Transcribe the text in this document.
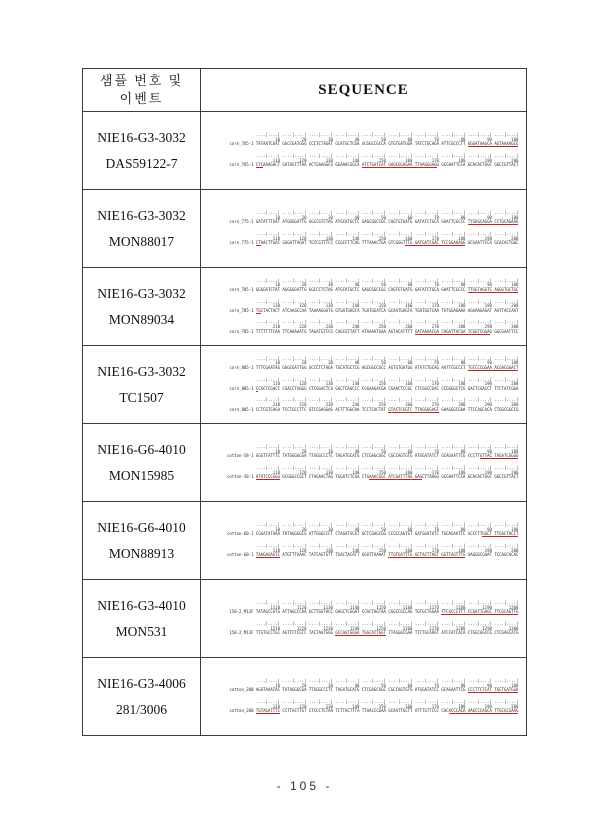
샘플 번호 및
이벤트
SEQUENCE
NIE16-G3-3032
DAS59122-7
....|....| ....|....| ....|....| ....|....| ....|....| ....|....| ....|....| ....|....| ....|....| ....|....|
10         20         30         40         50         60         70         80         90        100
corn_765-1 TATAATCGAT GGCCGATGGG CCCTCTAGAT GCATGCTCGA GCGGCCGCCA GTGTGATGGA TATCTGCAGA ATTCGCCCTT GGGATAAGCA AGTAAAAGCG
....|....| ....|....| ....|....| ....|....| ....|....| ....|....| ....|....| ....|....| ....|....| ....|....|
110        120        130        140        150        160        170        180        190        200
corn_765-1 CTCAAAGACT GATAGTTTAA ACTGAAGGCG GGAAACGGCA ATCTGATCAT GAGCGGAGAA TTAAGGGAGG GCGAATTCCA GCACACTGGC GGCCGTTACT
NIE16-G3-3032
MON88017
....|....| ....|....| ....|....| ....|....| ....|....| ....|....| ....|....| ....|....| ....|....| ....|....|
10         20         30         40         50         60         70         80         90        100
corn_775-1 GATATTTGAT ATGGGGATTG GGCCGTCTAG ATGCATGCTC GAGCGGCCGC CAGTGTGATG GATATCTGCA GAATTCGCCC TTGAGCAGGA CCTGCAGAAG
....|....| ....|....| ....|....| ....|....| ....|....| ....|....| ....|....| ....|....| ....|....| ....|....|
110        120        130        140        150        160        170        180        190        200
corn_775-1 CTAACTTGAC GGGATTAGAT TGTCGTTTCC CCGCCTTCAG TTTAAACTGA GTCGGGTTTG GATGATCGAC TCCGGAAAGG GCGAATTCCA GCACACTGGC
NIE16-G3-3032
MON89034
....|....| ....|....| ....|....| ....|....| ....|....| ....|....| ....|....| ....|....| ....|....| ....|....|
10         20         30         40         50         60         70         80         90        100
corn_785-1 GGGGATCTAT AGGGGGATTG GGCCCTCTAG ATGCATGCTC GAGCGGCCGC CAGTGTGATG GATATCTGCA GAATTCGCCC TTGGTAGGTC AGGGTGCTGC
....|....| ....|....| ....|....| ....|....| ....|....| ....|....| ....|....| ....|....| ....|....| ....|....|
110        120        130        140        150        160        170        180        190        200
corn_785-1 TGCTACTACT ATCAAGCCAA TAAAAGGATG GTGATGAGTA TGATGGATCA GCAATGAGTA TGATGGTCAA TATGGAGAAA AGAAAGAGAT AATTACCAAT
....|....| ....|....| ....|....| ....|....| ....|....| ....|....| ....|....| ....|....| ....|....| ....|....|
210        220        230        240        250        260        270        280        290        300
corn_785-1 TTTTTTTCAA TTCAAAAATG TAGATGTCCG CAGCGTTATT ATAAAATGAA AGTACATTTT GATAAAACGA CAGATTACGA TCGGTCGGAG GGCGAATTCC
NIE16-G3-3032
TC1507
....|....| ....|....| ....|....| ....|....| ....|....| ....|....| ....|....| ....|....| ....|....| ....|....|
10         20         30         40         50         60         70         80         90        100
corn_805-1 TTTCGAATAG GGGCGATTGG GCCCTCTAGA TGCATGCTCG AGCGGCCGCC AGTGTGATGG ATATCTGCAG AATTCGCCCT TGTCCCGGAA ACGACGGACT
....|....| ....|....| ....|....| ....|....| ....|....| ....|....| ....|....| ....|....| ....|....| ....|....|
110        120        130        140        150        160        170        180        190        200
corn_805-1 CCGCTCGACC CGACCTAGGG CTCGGACTCG GGCTCAGCCC CGGAAGACGA CGAACTCCGC CTCGGCCGAC CCGGGGCTCG GACTCGACCT TTCTATCGGA
....|....| ....|....| ....|....| ....|....| ....|....| ....|....| ....|....| ....|....| ....|....| ....|....|
210        220        230        240        250        260        270        280        290        300
corn_805-1 CCTCGTCAGA TCCTGCCTTC GTCCGAGGAG ACTTTGGCAA TCCTCACTAT GTACTCGGTC TTAGGGGAGT GAAGGGCGAA TTCCAGCACA CTGGCGGCCG
NIE16-G6-4010
MON15985
....|....| ....|....| ....|....| ....|....| ....|....| ....|....| ....|....| ....|....| ....|....| ....|....|
10         20         30         40         50         60         70         80         90        100
cotton-58-1 GGGTTATTTC TATGGGGCGA TTGGGCCCTC TAGATGCATG CTCGAGCGGC CGCCAGTGTG ATGGATATCT GCAGAATTCG CCCTTGTTAC TAGATCGGGG
....|....| ....|....| ....|....| ....|....| ....|....| ....|....| ....|....| ....|....| ....|....| ....|....|
110        120        130        140        150        160        170        180        190        200
cotton-58-1 ATATCCCGGG GCGGGCCGCT CTAGAACTAG TGGATCTCGA CTGAAACGGC ATCGATTTAG GAGCTTAAGG GCGAATTCCA GCACACTGGC GGCCGTTACT
NIE16-G6-4010
MON88913
....|....| ....|....| ....|....| ....|....| ....|....| ....|....| ....|....| ....|....| ....|....| ....|....|
10         20         30         40         50         60         70         80         90        100
cotton-60-1 CGGATATAAA TATAGGGGCG ATTGGGCCCT CTAGATGCAT GCTCGAGCGG CCGCCAGTGT GATGGATATC TGCAGAATTC GCCCTTGGCT TTGACTACCT
....|....| ....|....| ....|....| ....|....| ....|....| ....|....| ....|....| ....|....| ....|....| ....|....|
110        120        130        140        150        160        170        180        190        200
cotton-60-1 TAAGAGAGTC ATGTTTAAAC TATCAGTGTT TGACTACATT GGATTAAAAT TTGTGATTTG GCTACTTAGT GGTTAGTTTG AAGGGCGAAT TCCAGCACAC
NIE16-G3-4010
MON531
....|....| ....|....| ....|....| ....|....| ....|....| ....|....| ....|....| ....|....| ....|....| ....|....|
1110       1120       1130       1140       1150       1160       1170       1180       1190       1200
150-2_M13F TATAGCCATG ATTAGCCCAA GCTTGGTACC GAGCTCGGAT CCACTAGTAA CGGCCGCCAG TGTGCTGGAA TTCGCCCTTT CCGATTGAGC TTCGCAGTTG
....|....| ....|....| ....|....| ....|....| ....|....| ....|....| ....|....| ....|....| ....|....| ....|....|
1210       1220       1230       1240       1250       1260       1270       1280       1290       1300
150-2_M13F TTGTGCCTGC AGTTCTCGTC TACTAATGGG GCCAGTGGGA TGGCATTGGT TTAGGGCGAA TTCTGCAAGT ATCCATCACA CTGGCGGCCG CTCGAGCATG
NIE16-G3-4006
281/3006
....|....| ....|....| ....|....| ....|....| ....|....| ....|....| ....|....| ....|....| ....|....| ....|....|
10         20         30         40         50         60         70         80         90        100
cotton_280 AGGTAAATAC TATAGGGCGA TTGGGCCCTC TAGATGCATG CTCGAGCGGC CGCCAGTGTG ATGGATATCC GCAGAATTCG CCCTTCTCAT TGCTGATGGA
....|....| ....|....| ....|....| ....|....| ....|....| ....|....| ....|....| ....|....| ....|....| ....|....|
110        120        130        140        150        160        170        180        190        200
cotton_280 TGTAGATTTC CCTTACTTGT CTCCCTCTAA TCTTACTTTA TTAACCCGAA GCAATTGCTT ATTTGTTCCC CACACCCACA AAGCCCAGCA TTGCGCGAAG
- 105 -
